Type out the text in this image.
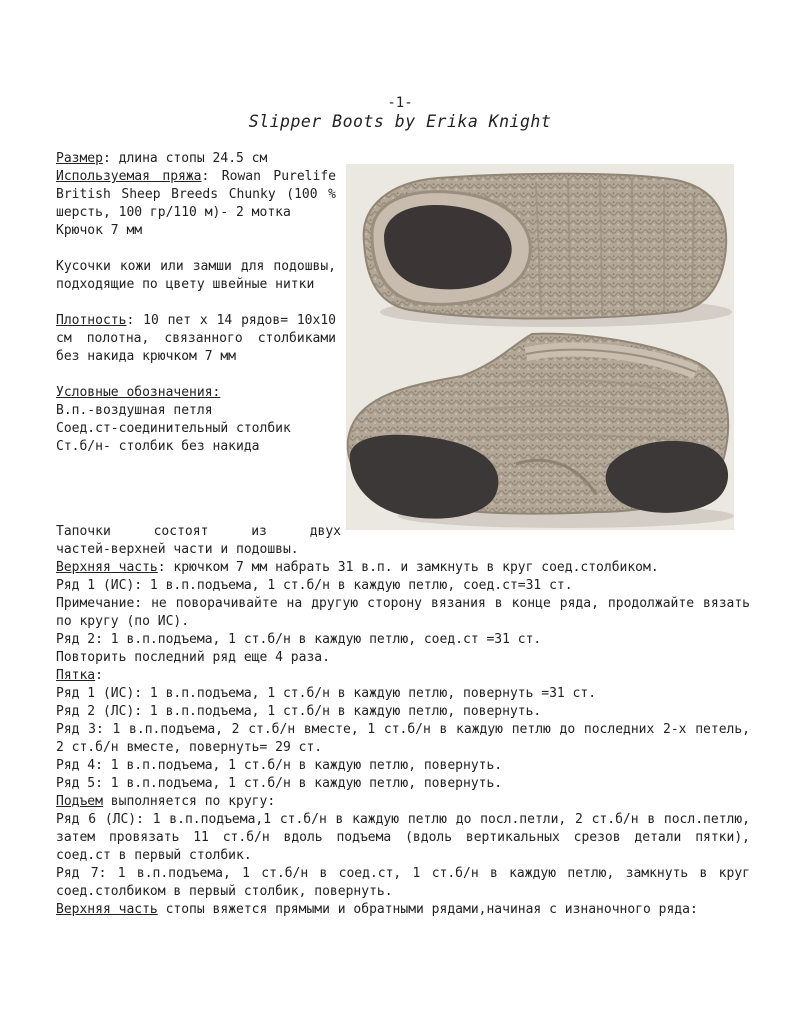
-1-
Slipper Boots by Erika Knight

Размер: длина стопы 24.5 см

Используемая пряжа: Rowan Purelife British Sheep Breeds Chunky (100 % шерсть, 100 гр/110 м)- 2 мотка

Крючок 7 мм

Кусочки кожи или замши для подошвы, подходящие по цвету швейные нитки

Плотность: 10 пет х 14 рядов= 10х10 см полотна, связанного столбиками без накида крючком 7 мм

Условные обозначения:

В.п.-воздушная петля

Соед.ст-соединительный столбик

Ст.б/н- столбик без накида

Тапочки состоят из двух

частей-верхней части и подошвы.

Верхняя часть: крючком 7 мм набрать 31 в.п. и замкнуть в круг соед.столбиком.

Ряд 1 (ИС): 1 в.п.подъема, 1 ст.б/н в каждую петлю, соед.ст=31 ст.

Примечание: не поворачивайте на другую сторону вязания в конце ряда, продолжайте вязать по кругу (по ИС).

Ряд 2: 1 в.п.подъема, 1 ст.б/н в каждую петлю, соед.ст =31 ст.

Повторить последний ряд еще 4 раза.

Пятка:

Ряд 1 (ИС): 1 в.п.подъема, 1 ст.б/н в каждую петлю, повернуть =31 ст.

Ряд 2 (ЛС): 1 в.п.подъема, 1 ст.б/н в каждую петлю, повернуть.

Ряд 3: 1 в.п.подъема, 2 ст.б/н вместе, 1 ст.б/н в каждую петлю до последних 2-х петель, 2 ст.б/н вместе, повернуть= 29 ст.

Ряд 4: 1 в.п.подъема, 1 ст.б/н в каждую петлю, повернуть.

Ряд 5: 1 в.п.подъема, 1 ст.б/н в каждую петлю, повернуть.

Подъем выполняется по кругу:

Ряд 6 (ЛС): 1 в.п.подъема,1 ст.б/н в каждую петлю до посл.петли, 2 ст.б/н в посл.петлю, затем провязать 11 ст.б/н вдоль подъема (вдоль вертикальных срезов детали пятки), соед.ст в первый столбик.

Ряд 7: 1 в.п.подъема, 1 ст.б/н в соед.ст, 1 ст.б/н в каждую петлю, замкнуть в круг соед.столбиком в первый столбик, повернуть.

Верхняя часть стопы вяжется прямыми и обратными рядами,начиная с изнаночного ряда:
